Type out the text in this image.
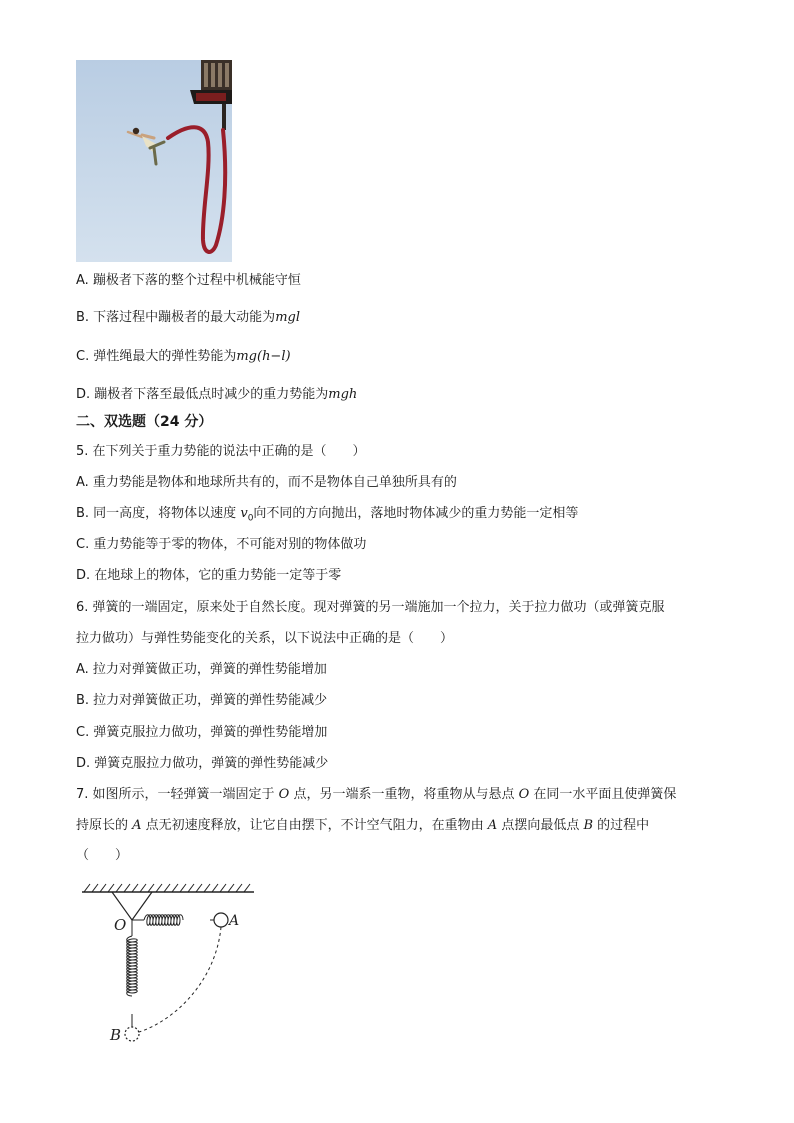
A. 蹦极者下落的整个过程中机械能守恒
B. 下落过程中蹦极者的最大动能为mgl
C. 弹性绳最大的弹性势能为mg(h−l)
D. 蹦极者下落至最低点时减少的重力势能为mgh
二、双选题（24 分）
5. 在下列关于重力势能的说法中正确的是（　　）
A. 重力势能是物体和地球所共有的，而不是物体自己单独所具有的
B. 同一高度，将物体以速度 $v_0$向不同的方向抛出，落地时物体减少的重力势能一定相等
C. 重力势能等于零的物体，不可能对别的物体做功
D. 在地球上的物体，它的重力势能一定等于零
6. 弹簧的一端固定，原来处于自然长度。现对弹簧的另一端施加一个拉力，关于拉力做功（或弹簧克服
拉力做功）与弹性势能变化的关系，以下说法中正确的是（　　）
A. 拉力对弹簧做正功，弹簧的弹性势能增加
B. 拉力对弹簧做正功，弹簧的弹性势能减少
C. 弹簧克服拉力做功，弹簧的弹性势能增加
D. 弹簧克服拉力做功，弹簧的弹性势能减少
7. 如图所示，一轻弹簧一端固定于 O 点，另一端系一重物，将重物从与悬点 O 在同一水平面且使弹簧保
持原长的 A 点无初速度释放，让它自由摆下，不计空气阻力，在重物由 A 点摆向最低点 B 的过程中
（　　）
O	A
B
